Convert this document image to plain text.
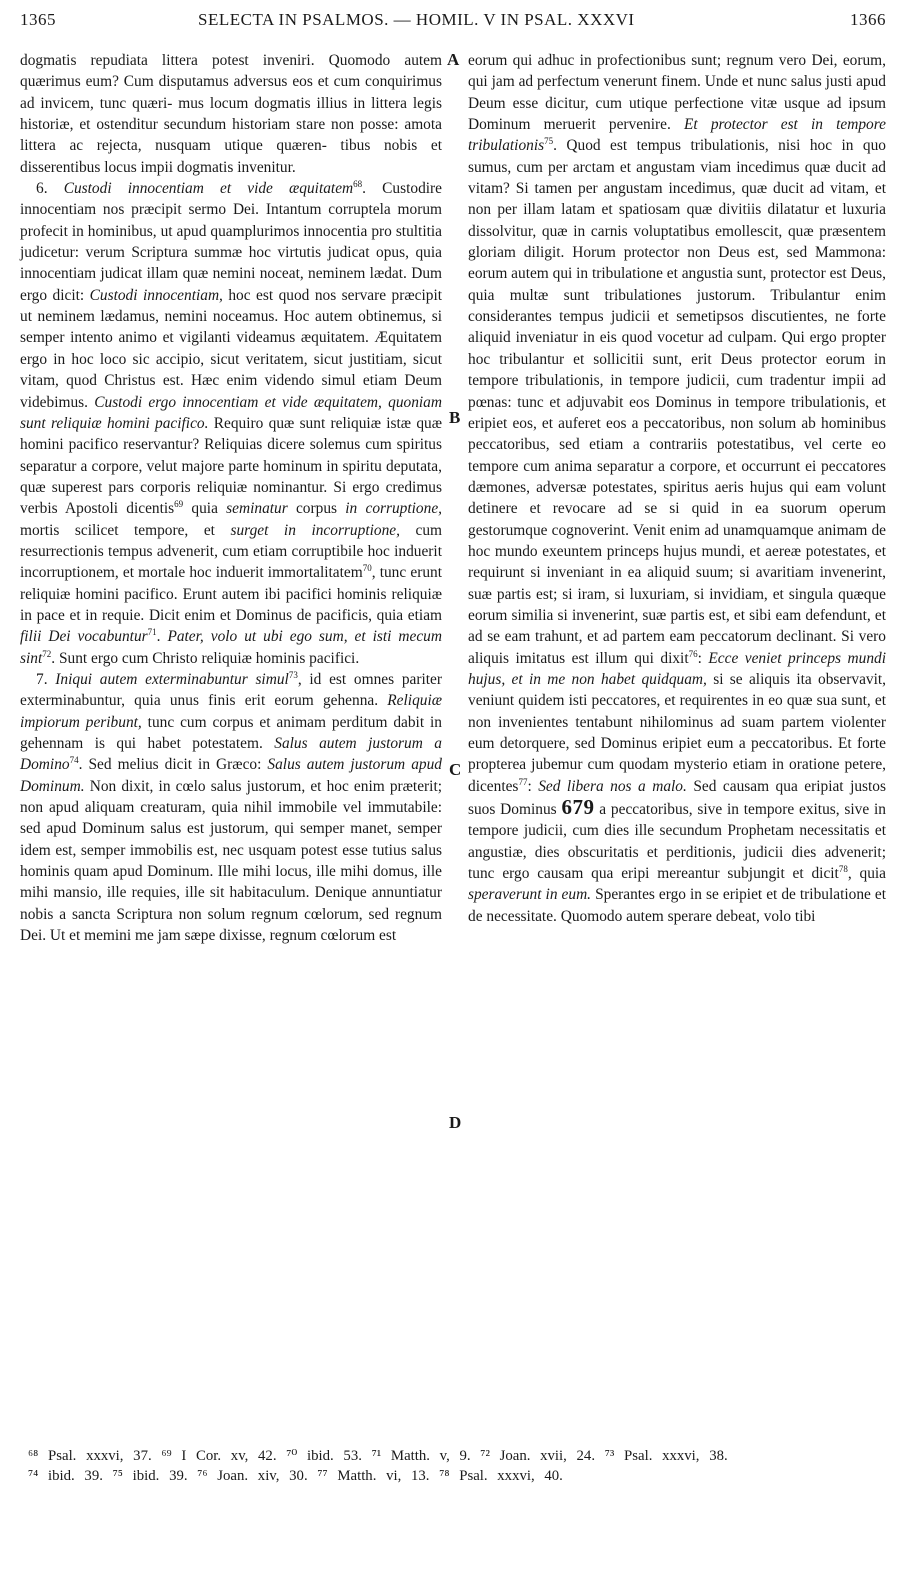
1365	SELECTA IN PSALMOS. — HOMIL. V IN PSAL. XXXVI	1366
A
B
C
D

dogmatis repudiata littera potest inveniri. Quomodo autem quærimus eum? Cum disputamus adversus eos et cum conquirimus ad invicem, tunc quæri- mus locum dogmatis illius in littera legis historiæ, et ostenditur secundum historiam stare non posse: amota littera ac rejecta, nusquam utique quæren- tibus nobis et disserentibus locus impii dogmatis invenitur.

6. Custodi innocentiam et vide æquitatem$^{68}$. Custodire innocentiam nos præcipit sermo Dei. Intantum corruptela morum profecit in hominibus, ut apud quamplurimos innocentia pro stultitia judicetur: verum Scriptura summæ hoc virtutis judicat opus, quia innocentiam judicat illam quæ nemini noceat, neminem lædat. Dum ergo dicit: Custodi innocentiam, hoc est quod nos servare præcipit ut neminem lædamus, nemini noceamus. Hoc autem obtinemus, si semper intento animo et vigilanti videamus æquitatem. Æquitatem ergo in hoc loco sic accipio, sicut veritatem, sicut justitiam, sicut vitam, quod Christus est. Hæc enim videndo simul etiam Deum videbimus. Custodi ergo innocentiam et vide æquitatem, quoniam sunt reliquiæ homini pacifico. Requiro quæ sunt reliquiæ istæ quæ homini pacifico reservantur? Reliquias dicere solemus cum spiritus separatur a corpore, velut majore parte hominum in spiritu deputata, quæ superest pars corporis reliquiæ nominantur. Si ergo credimus verbis Apostoli dicentis$^{69}$ quia seminatur corpus in corruptione, mortis scilicet tempore, et surget in incorruptione, cum resurrectionis tempus advenerit, cum etiam corruptibile hoc induerit incorruptionem, et mortale hoc induerit immortalitatem$^{70}$, tunc erunt reliquiæ homini pacifico. Erunt autem ibi pacifici hominis reliquiæ in pace et in requie. Dicit enim et Dominus de pacificis, quia etiam filii Dei vocabuntur$^{71}$. Pater, volo ut ubi ego sum, et isti mecum sint$^{72}$. Sunt ergo cum Christo reliquiæ hominis pacifici.

7. Iniqui autem exterminabuntur simul$^{73}$, id est omnes pariter exterminabuntur, quia unus finis erit eorum gehenna. Reliquiæ impiorum peribunt, tunc cum corpus et animam perditum dabit in gehennam is qui habet potestatem. Salus autem justorum a Domino$^{74}$. Sed melius dicit in Græco: Salus autem justorum apud Dominum. Non dixit, in cœlo salus justorum, et hoc enim præterit; non apud aliquam creaturam, quia nihil immobile vel immutabile: sed apud Dominum salus est justorum, qui semper manet, semper idem est, semper immobilis est, nec usquam potest esse tutius salus hominis quam apud Dominum. Ille mihi locus, ille mihi domus, ille mihi mansio, ille requies, ille sit habitaculum. Denique annuntiatur nobis a sancta Scriptura non solum regnum cœlorum, sed regnum Dei. Ut et memini me jam sæpe dixisse, regnum cœlorum est

eorum qui adhuc in profectionibus sunt; regnum vero Dei, eorum, qui jam ad perfectum venerunt finem. Unde et nunc salus justi apud Deum esse dicitur, cum utique perfectione vitæ usque ad ipsum Dominum meruerit pervenire. Et protector est in tempore tribulationis$^{75}$. Quod est tempus tribulationis, nisi hoc in quo sumus, cum per arctam et angustam viam incedimus quæ ducit ad vitam? Si tamen per angustam incedimus, quæ ducit ad vitam, et non per illam latam et spatiosam quæ divitiis dilatatur et luxuria dissolvitur, quæ in carnis voluptatibus emollescit, quæ præsentem gloriam diligit. Horum protector non Deus est, sed Mammona: eorum autem qui in tribulatione et angustia sunt, protector est Deus, quia multæ sunt tribulationes justorum. Tribulantur enim considerantes tempus judicii et semetipsos discutientes, ne forte aliquid inveniatur in eis quod vocetur ad culpam. Qui ergo propter hoc tribulantur et sollicitii sunt, erit Deus protector eorum in tempore tribulationis, in tempore judicii, cum tradentur impii ad pœnas: tunc et adjuvabit eos Dominus in tempore tribulationis, et eripiet eos, et auferet eos a peccatoribus, non solum ab hominibus peccatoribus, sed etiam a contrariis potestatibus, vel certe eo tempore cum anima separatur a corpore, et occurrunt ei peccatores dæmones, adversæ potestates, spiritus aeris hujus qui eam volunt detinere et revocare ad se si quid in ea suorum operum gestorumque cognoverint. Venit enim ad unamquamque animam de hoc mundo exeuntem princeps hujus mundi, et aereæ potestates, et requirunt si inveniant in ea aliquid suum; si avaritiam invenerint, suæ partis est; si iram, si luxuriam, si invidiam, et singula quæque eorum similia si invenerint, suæ partis est, et sibi eam defendunt, et ad se eam trahunt, et ad partem eam peccatorum declinant. Si vero aliquis imitatus est illum qui dixit$^{76}$: Ecce veniet princeps mundi hujus, et in me non habet quidquam, si se aliquis ita observavit, veniunt quidem isti peccatores, et requirentes in eo quæ sua sunt, et non invenientes tentabunt nihilominus ad suam partem violenter eum detorquere, sed Dominus eripiet eum a peccatoribus. Et forte propterea jubemur cum quodam mysterio etiam in oratione petere, dicentes$^{77}$: Sed libera nos a malo. Sed causam qua eripiat justos suos Dominus 679 a peccatoribus, sive in tempore exitus, sive in tempore judicii, cum dies ille secundum Prophetam necessitatis et angustiæ, dies obscuritatis et perditionis, judicii dies advenerit; tunc ergo causam qua eripi mereantur subjungit et dicit$^{78}$, quia speraverunt in eum. Sperantes ergo in se eripiet et de tribulatione et de necessitate. Quomodo autem sperare debeat, volo tibi

⁶⁸ Psal. xxxvi, 37. ⁶⁹ I Cor. xv, 42. ⁷⁰ ibid. 53. ⁷¹ Matth. v, 9. ⁷² Joan. xvii, 24. ⁷³ Psal. xxxvi, 38.
⁷⁴ ibid. 39. ⁷⁵ ibid. 39. ⁷⁶ Joan. xiv, 30. ⁷⁷ Matth. vi, 13. ⁷⁸ Psal. xxxvi, 40.
